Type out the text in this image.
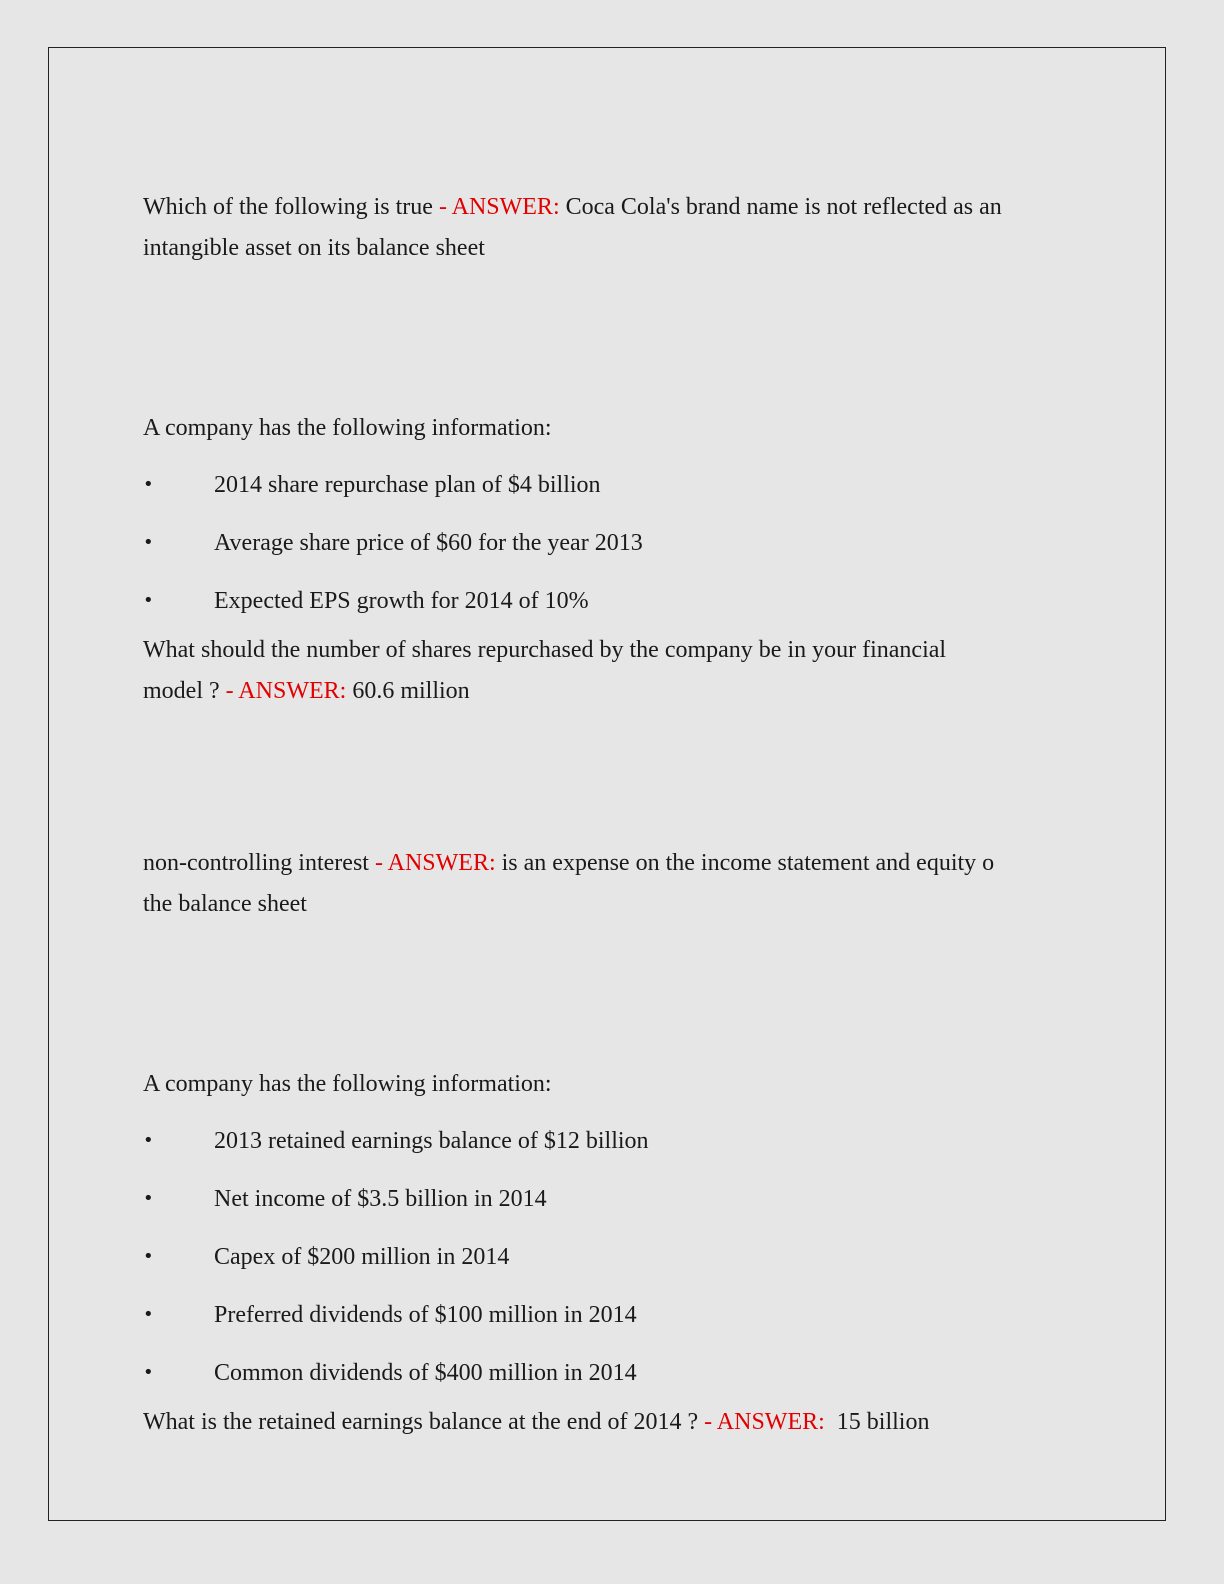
Which of the following is true - ANSWER: Coca Cola's brand name is not reflected as an

intangible asset on its balance sheet

A company has the following information:

•	2014 share repurchase plan of $4 billion
•	Average share price of $60 for the year 2013
•	Expected EPS growth for 2014 of 10%

What should the number of shares repurchased by the company be in your financial

model ? - ANSWER: 60.6 million

non-controlling interest - ANSWER: is an expense on the income statement and equity o

the balance sheet

A company has the following information:

•	2013 retained earnings balance of $12 billion
•	Net income of $3.5 billion in 2014
•	Capex of $200 million in 2014
•	Preferred dividends of $100 million in 2014
•	Common dividends of $400 million in 2014

What is the retained earnings balance at the end of 2014 ? - ANSWER: 15 billion
